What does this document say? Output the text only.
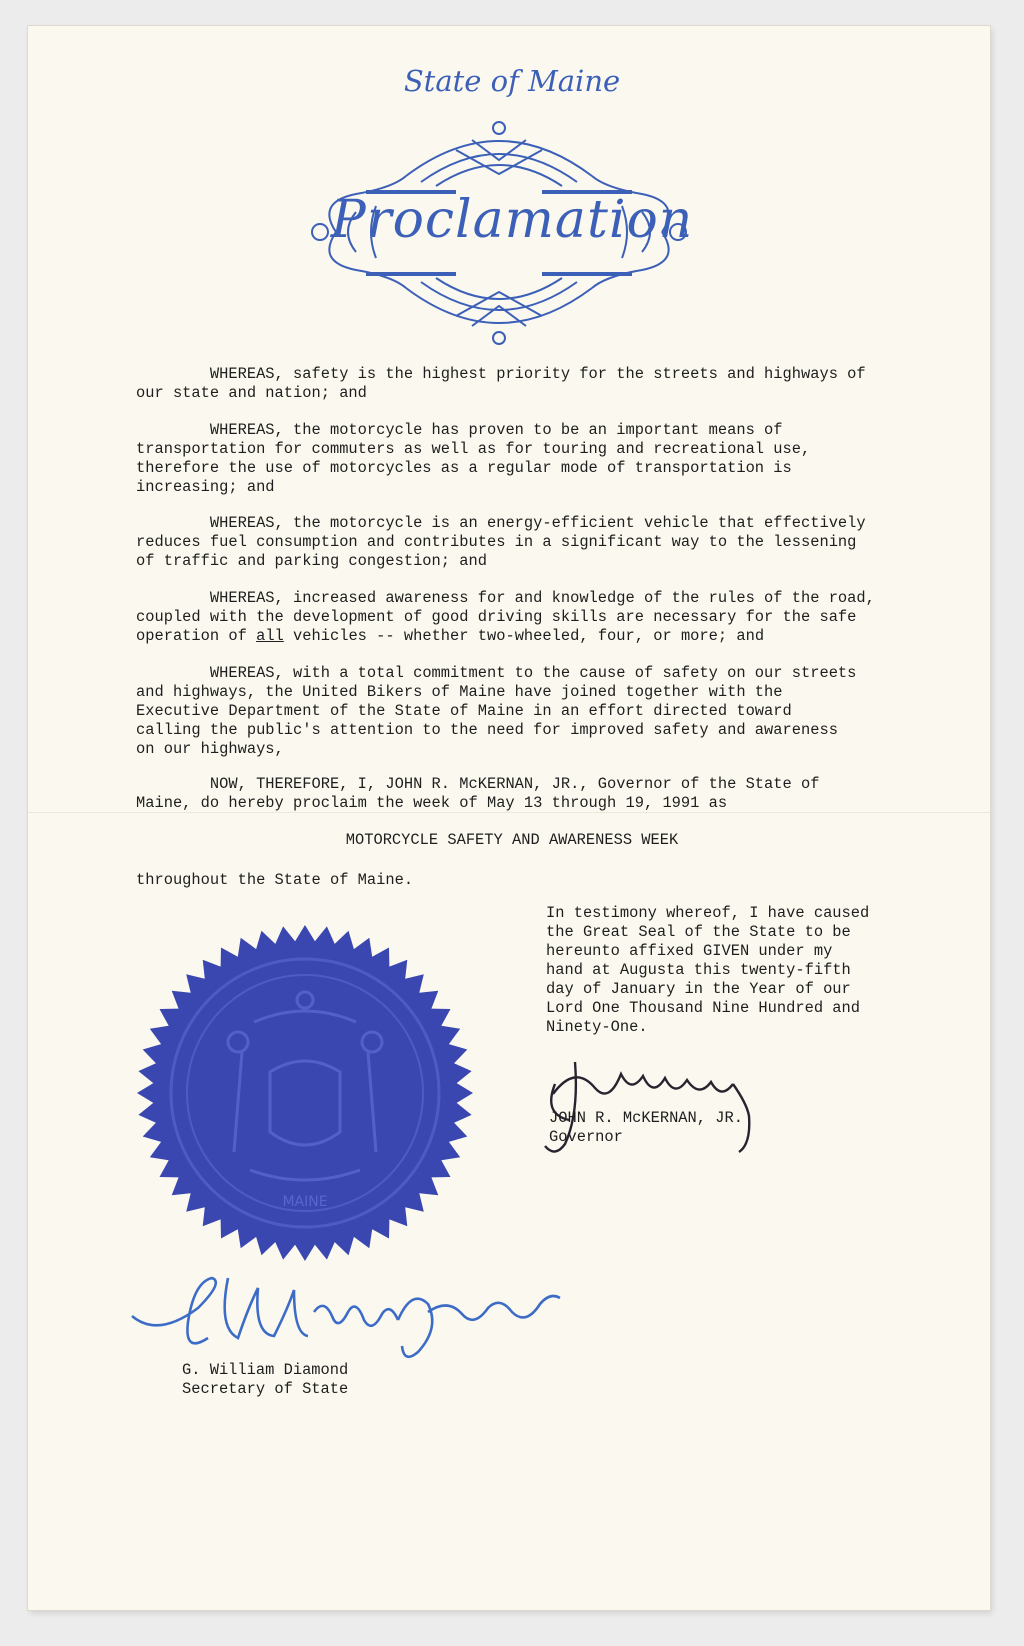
State of Maine
Proclamation
WHEREAS, safety is the highest priority for the streets and highways of
our state and nation; and
WHEREAS, the motorcycle has proven to be an important means of
transportation for commuters as well as for touring and recreational use,
therefore the use of motorcycles as a regular mode of transportation is
increasing; and
WHEREAS, the motorcycle is an energy-efficient vehicle that effectively
reduces fuel consumption and contributes in a significant way to the lessening
of traffic and parking congestion; and
WHEREAS, increased awareness for and knowledge of the rules of the road,
coupled with the development of good driving skills are necessary for the safe
operation of all vehicles -- whether two-wheeled, four, or more; and
WHEREAS, with a total commitment to the cause of safety on our streets
and highways, the United Bikers of Maine have joined together with the
Executive Department of the State of Maine in an effort directed toward
calling the public's attention to the need for improved safety and awareness
on our highways,
NOW, THEREFORE, I, JOHN R. McKERNAN, JR., Governor of the State of
Maine, do hereby proclaim the week of May 13 through 19, 1991 as
MOTORCYCLE SAFETY AND AWARENESS WEEK
throughout the State of Maine.
In testimony whereof, I have caused
the Great Seal of the State to be
hereunto affixed GIVEN under my
hand at Augusta this twenty-fifth
day of January in the Year of our
Lord One Thousand Nine Hundred and
Ninety-One.
MAINE
JOHN R. McKERNAN, JR.
Governor
G. William Diamond
Secretary of State
